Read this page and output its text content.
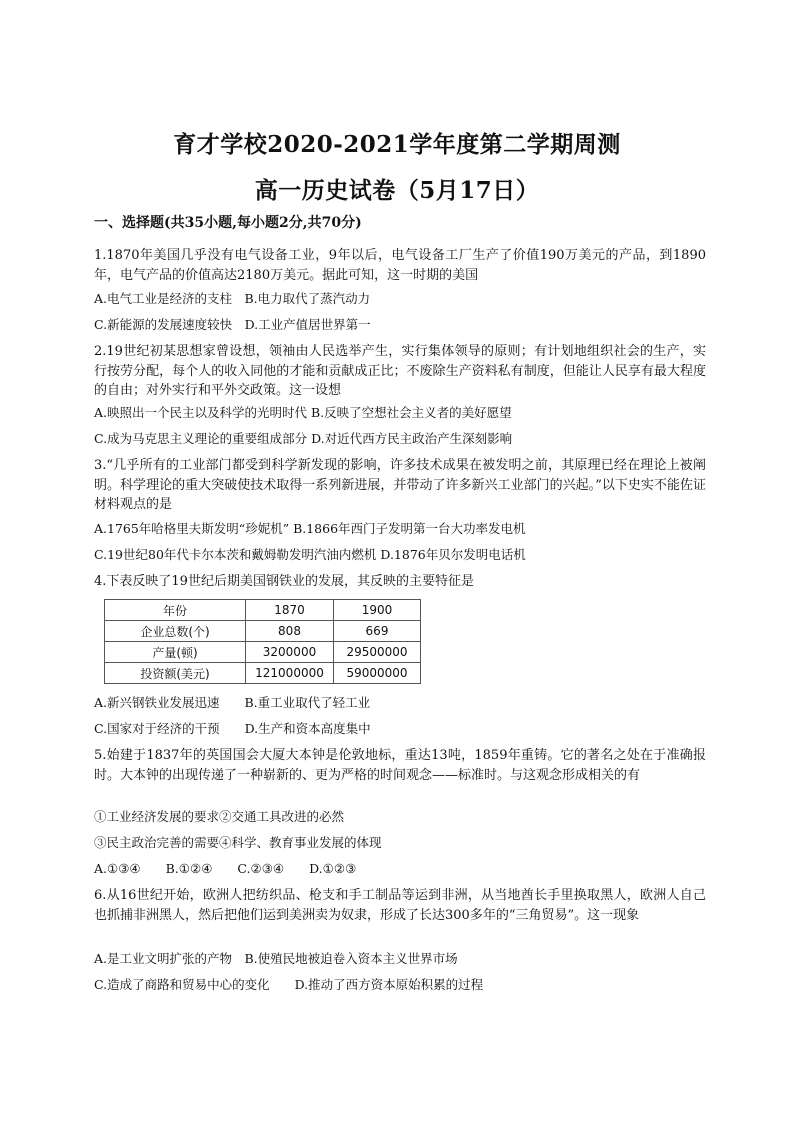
育才学校2020-2021学年度第二学期周测
高一历史试卷（5月17日）
一、选择题(共35小题,每小题2分,共70分)
1.1870年美国几乎没有电气设备工业，9年以后，电气设备工厂生产了价值190万美元的产品，到1890年，电气产品的价值高达2180万美元。据此可知，这一时期的美国
A.电气工业是经济的支柱　B.电力取代了蒸汽动力
C.新能源的发展速度较快　D.工业产值居世界第一
2.19世纪初某思想家曾设想，领袖由人民选举产生，实行集体领导的原则；有计划地组织社会的生产，实行按劳分配，每个人的收入同他的才能和贡献成正比；不废除生产资料私有制度，但能让人民享有最大程度的自由；对外实行和平外交政策。这一设想
A.映照出一个民主以及科学的光明时代 B.反映了空想社会主义者的美好愿望
C.成为马克思主义理论的重要组成部分 D.对近代西方民主政治产生深刻影响
3.“几乎所有的工业部门都受到科学新发现的影响，许多技术成果在被发明之前，其原理已经在理论上被阐明。科学理论的重大突破使技术取得一系列新进展，并带动了许多新兴工业部门的兴起。”以下史实不能佐证材料观点的是
A.1765年哈格里夫斯发明“珍妮机” B.1866年西门子发明第一台大功率发电机
C.19世纪80年代卡尔本茨和戴姆勒发明汽油内燃机 D.1876年贝尔发明电话机
4.下表反映了19世纪后期美国钢铁业的发展，其反映的主要特征是
年份	1870	1900
企业总数(个)	808	669
产量(顿)	3200000	29500000
投资额(美元)	121000000	59000000
A.新兴钢铁业发展迅速　　B.重工业取代了轻工业
C.国家对于经济的干预　　D.生产和资本高度集中
5.始建于1837年的英国国会大厦大本钟是伦敦地标，重达13吨，1859年重铸。它的著名之处在于准确报时。大本钟的出现传递了一种崭新的、更为严格的时间观念——标准时。与这观念形成相关的有
①工业经济发展的要求②交通工具改进的必然
③民主政治完善的需要④科学、教育事业发展的体现
A.①③④　　B.①②④　　C.②③④　　D.①②③
6.从16世纪开始，欧洲人把纺织品、枪支和手工制品等运到非洲，从当地酋长手里换取黑人，欧洲人自己也抓捕非洲黑人，然后把他们运到美洲卖为奴隶，形成了长达300多年的“三角贸易”。这一现象
A.是工业文明扩张的产物　B.使殖民地被迫卷入资本主义世界市场
C.造成了商路和贸易中心的变化　　D.推动了西方资本原始积累的过程
